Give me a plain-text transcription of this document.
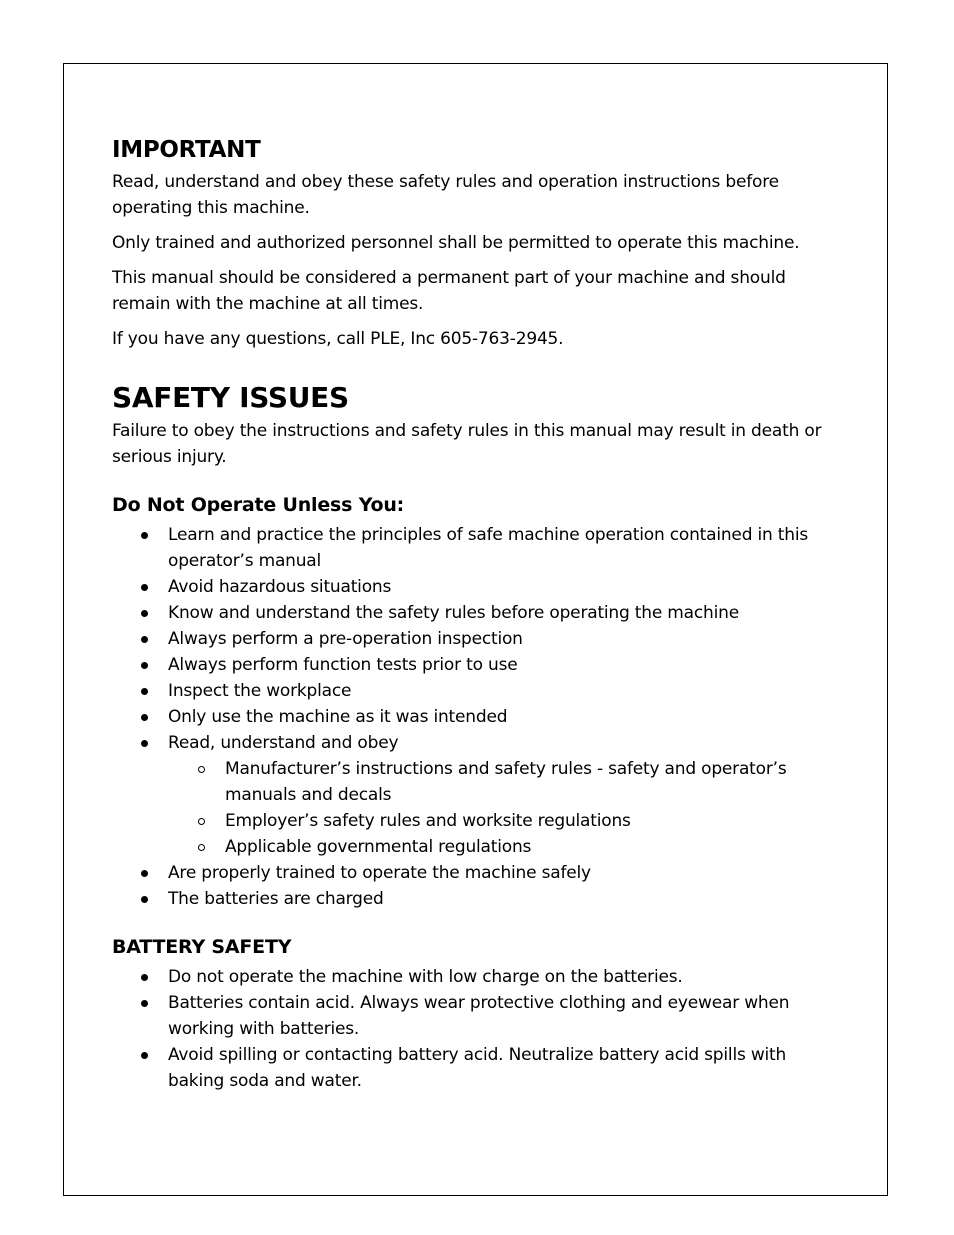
IMPORTANT

Read, understand and obey these safety rules and operation instructions before operating this machine.

Only trained and authorized personnel shall be permitted to operate this machine.

This manual should be considered a permanent part of your machine and should remain with the machine at all times.

If you have any questions, call PLE, Inc 605-763-2945.

SAFETY ISSUES

Failure to obey the instructions and safety rules in this manual may result in death or serious injury.

Do Not Operate Unless You:
Learn and practice the principles of safe machine operation contained in this operator’s manual
Avoid hazardous situations
Know and understand the safety rules before operating the machine
Always perform a pre-operation inspection
Always perform function tests prior to use
Inspect the workplace
Only use the machine as it was intended
Read, understand and obey
Manufacturer’s instructions and safety rules - safety and operator’s manuals and decals
Employer’s safety rules and worksite regulations
Applicable governmental regulations
Are properly trained to operate the machine safely
The batteries are charged
BATTERY SAFETY
Do not operate the machine with low charge on the batteries.
Batteries contain acid. Always wear protective clothing and eyewear when working with batteries.
Avoid spilling or contacting battery acid. Neutralize battery acid spills with baking soda and water.
